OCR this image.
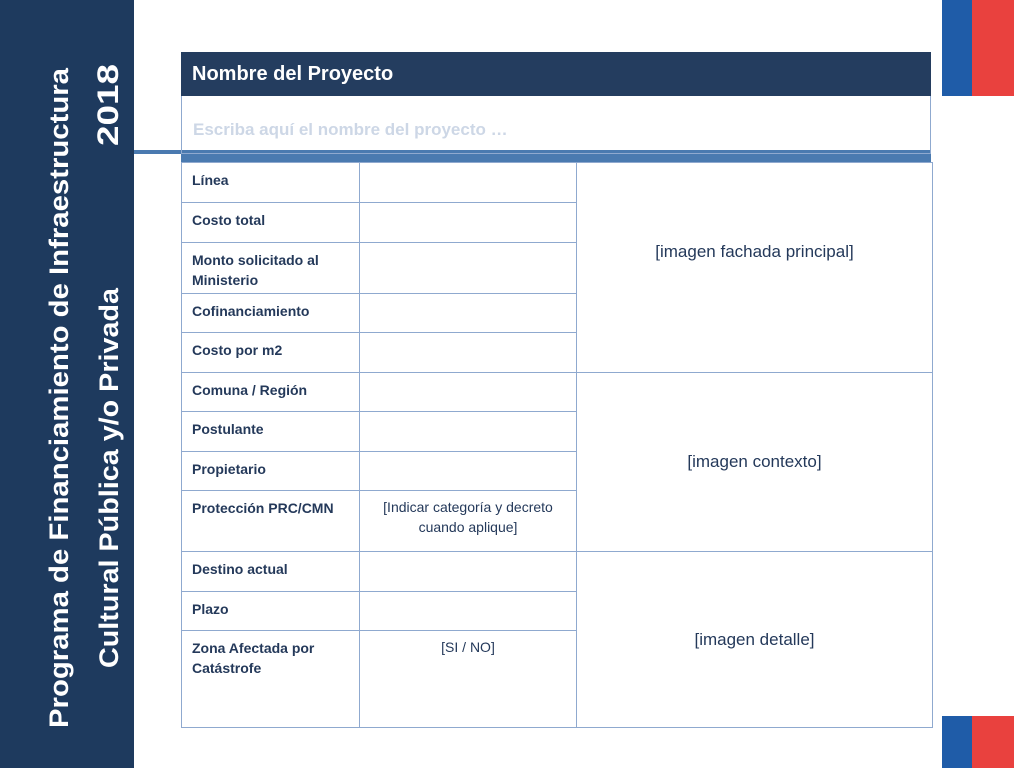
Programa de Financiamiento de Infraestructura Cultural Pública y/o Privada
2018
Nombre del Proyecto
Escriba aquí el nombre del proyecto …
Línea		[imagen fachada principal]
Costo total		
Monto solicitado al Ministerio		
Cofinanciamiento		
Costo por m2		
Comuna / Región		[imagen contexto]
Postulante		
Propietario		
Protección PRC/CMN	[Indicar categoría y decreto cuando aplique]	
Destino actual		[imagen detalle]
Plazo		
Zona Afectada por Catástrofe	[SI / NO]	
